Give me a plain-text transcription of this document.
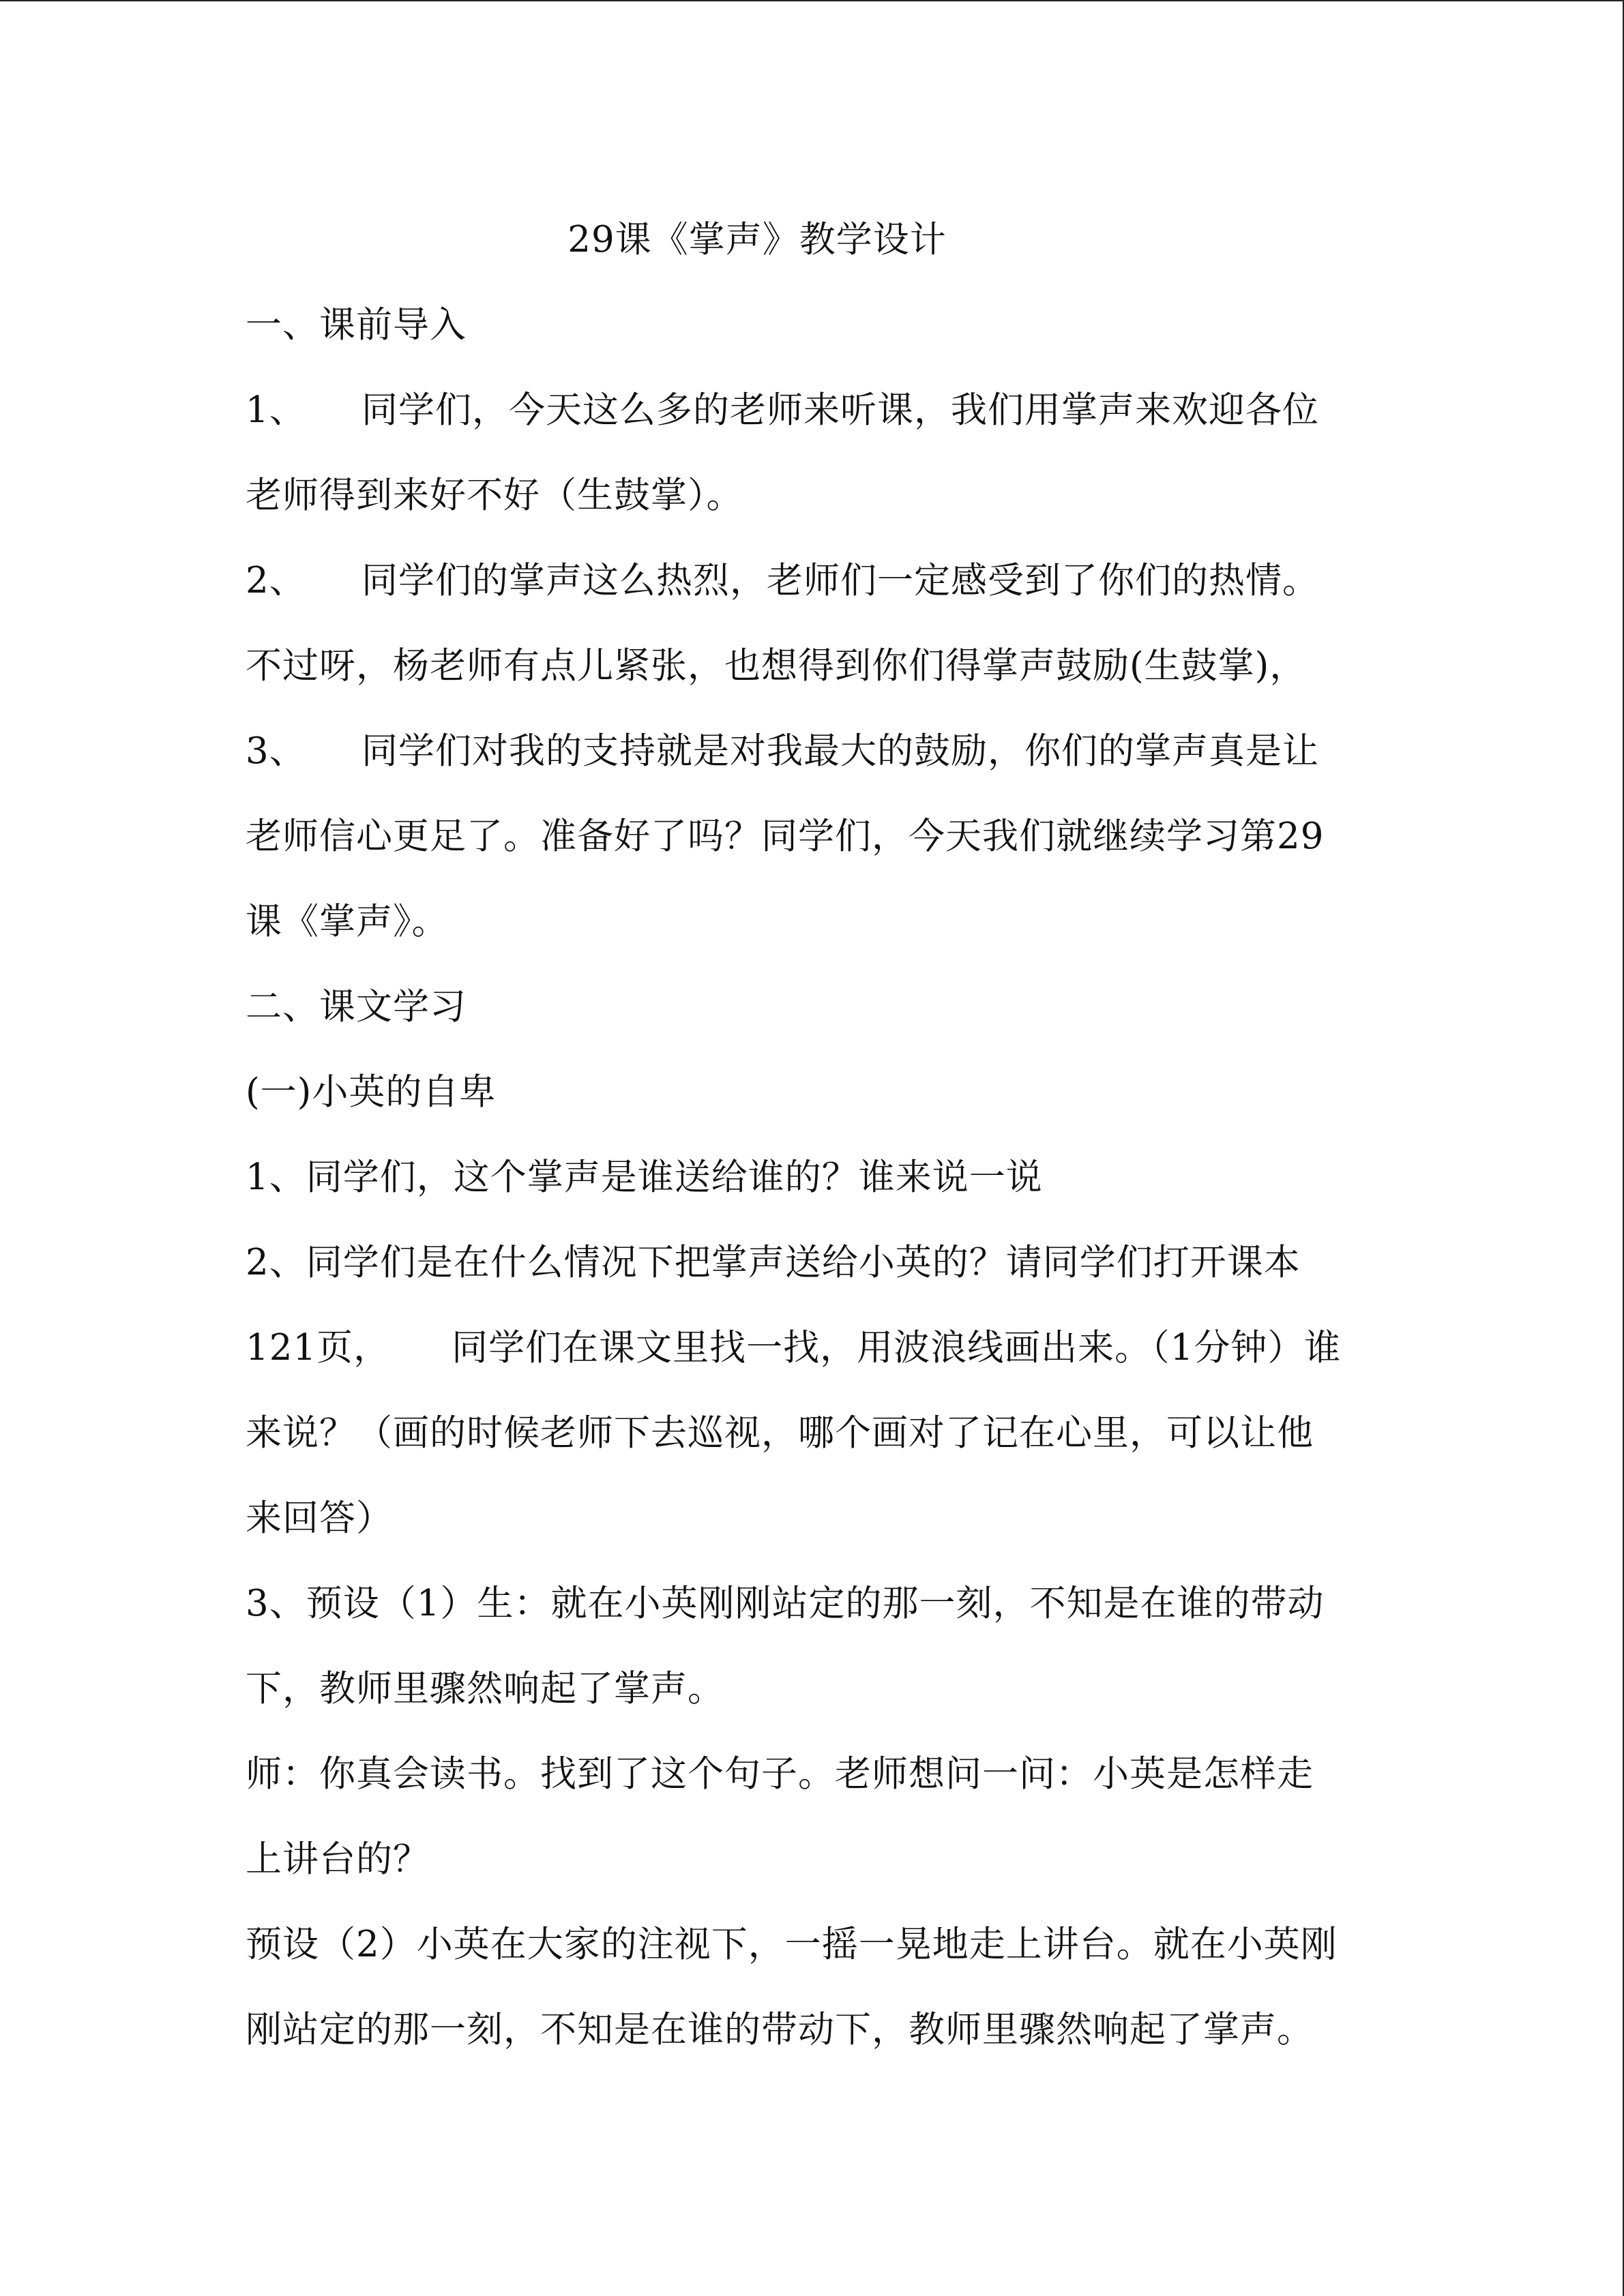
29课《掌声》教学设计
一、课前导入
1、 同学们，今天这么多的老师来听课，我们用掌声来欢迎各位
老师得到来好不好（生鼓掌）。
2、 同学们的掌声这么热烈，老师们一定感受到了你们的热情。
不过呀，杨老师有点儿紧张，也想得到你们得掌声鼓励(生鼓掌)，
3、 同学们对我的支持就是对我最大的鼓励，你们的掌声真是让
老师信心更足了。准备好了吗？同学们，今天我们就继续学习第29
课《掌声》。
二、课文学习
(一)小英的自卑
1、同学们，这个掌声是谁送给谁的？谁来说一说
2、同学们是在什么情况下把掌声送给小英的？请同学们打开课本
121页， 同学们在课文里找一找，用波浪线画出来。（1分钟）谁
来说？（画的时候老师下去巡视，哪个画对了记在心里，可以让他
来回答）
3、预设（1）生：就在小英刚刚站定的那一刻，不知是在谁的带动
下，教师里骤然响起了掌声。
师：你真会读书。找到了这个句子。老师想问一问：小英是怎样走
上讲台的？
预设（2）小英在大家的注视下，一摇一晃地走上讲台。就在小英刚
刚站定的那一刻，不知是在谁的带动下，教师里骤然响起了掌声。
